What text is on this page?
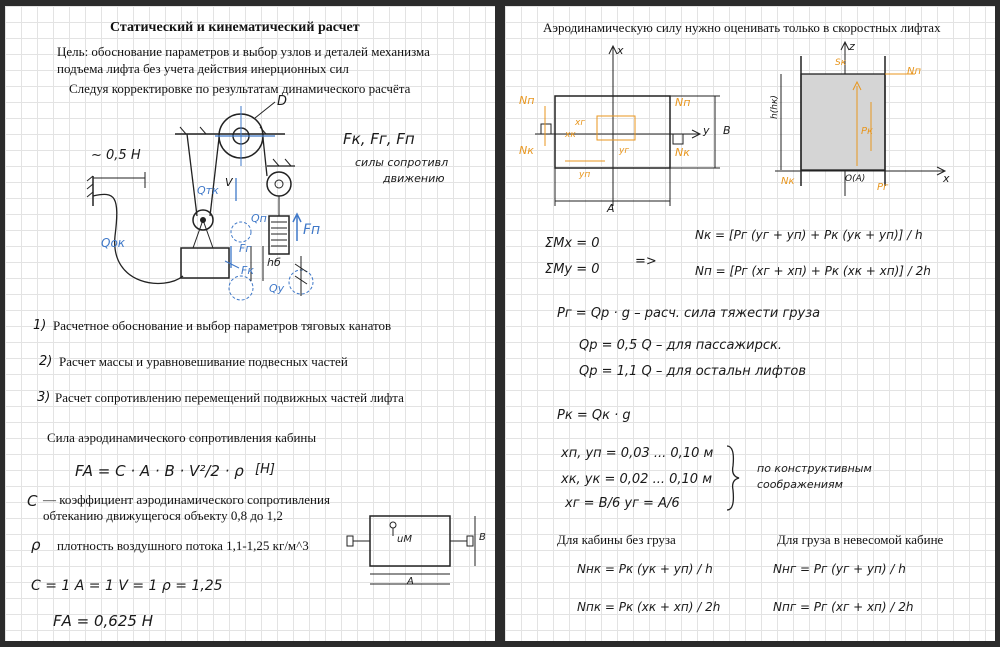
Статический и кинематический расчет
Цель: обоснование параметров и выбор узлов и деталей механизма
подъема лифта без учета действия инерционных сил
Следуя корректировке по результатам динамического расчёта
~ 0,5 Н
D
Qтк
V
Qп
Qок
Fп
Fг
Fк
hб
Qу
Fк, Fг, Fп
силы сопротивл
движению
1) Расчетное обоснование и выбор параметров тяговых канатов
2) Расчет массы и уравновешивание подвесных частей
3) Расчет сопротивлению перемещений подвижных частей лифта
Сила аэродинамического сопротивления кабины
FA = C · A · B · V²/2 · ρ [Н]
C — коэффициент аэродинамического сопротивления
обтеканию движущегося объекту 0,8 до 1,2
ρ плотность воздушного потока 1,1-1,25 кг/м^3	uM	B
A
C = 1 A = 1 V = 1 ρ = 1,25
FА = 0,625 Н
Аэродинамическую силу нужно оценивать только в скоростных лифтах
x
y B
A
Nп
Nк
Nп
Nк
yп
yг
xк
xг
z
Sк
h(hк)
Nп
Nк	x
O(A)
Pк
Pг
ΣMx = 0
ΣMy = 0
=>
Nк = [Pг (yг + yп) + Pк (yк + yп)] / h
Nп = [Pг (xг + xп) + Pк (xк + xп)] / 2h
Pг = Qp · g – расч. сила тяжести груза
Qp = 0,5 Q – для пассажирск.
Qp = 1,1 Q – для остальн лифтов
Pк = Qк · g
xп, yп = 0,03 ... 0,10 м
xк, yк = 0,02 ... 0,10 м
xг = B/6 yг = A/6
по конструктивным
соображениям
Для кабины без груза	Для груза в невесомой кабине
Nнк = Pк (yк + yп) / h
Nпк = Pк (xк + xп) / 2h
Nнг = Pг (yг + yп) / h
Nпг = Pг (xг + xп) / 2h
